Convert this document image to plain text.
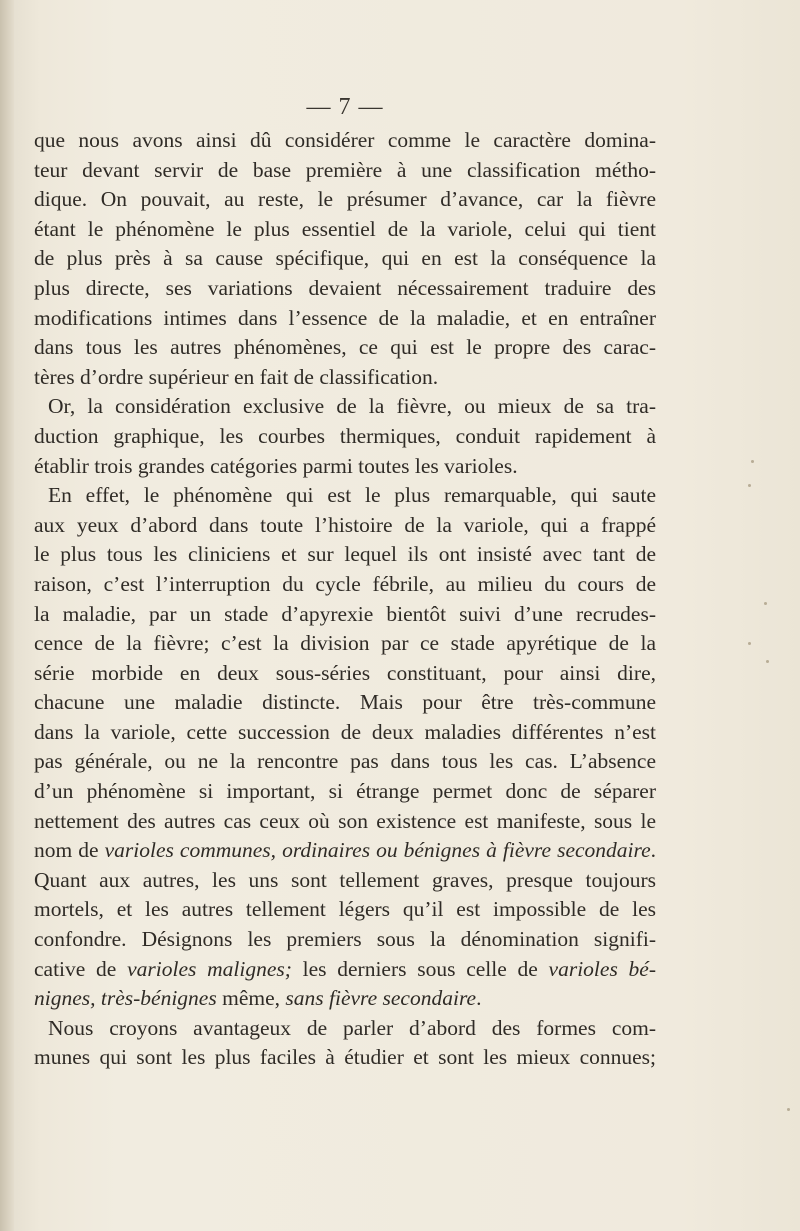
— 7 —
que nous avons ainsi dû considérer comme le caractère domina-
teur devant servir de base première à une classification métho-
dique. On pouvait, au reste, le présumer d’avance, car la fièvre
étant le phénomène le plus essentiel de la variole, celui qui tient
de plus près à sa cause spécifique, qui en est la conséquence la
plus directe, ses variations devaient nécessairement traduire des
modifications intimes dans l’essence de la maladie, et en entraîner
dans tous les autres phénomènes, ce qui est le propre des carac-
tères d’ordre supérieur en fait de classification.
Or, la considération exclusive de la fièvre, ou mieux de sa tra-
duction graphique, les courbes thermiques, conduit rapidement à
établir trois grandes catégories parmi toutes les varioles.
En effet, le phénomène qui est le plus remarquable, qui saute
aux yeux d’abord dans toute l’histoire de la variole, qui a frappé
le plus tous les cliniciens et sur lequel ils ont insisté avec tant de
raison, c’est l’interruption du cycle fébrile, au milieu du cours de
la maladie, par un stade d’apyrexie bientôt suivi d’une recrudes-
cence de la fièvre; c’est la division par ce stade apyrétique de la
série morbide en deux sous-séries constituant, pour ainsi dire,
chacune une maladie distincte. Mais pour être très-commune
dans la variole, cette succession de deux maladies différentes n’est
pas générale, ou ne la rencontre pas dans tous les cas. L’absence
d’un phénomène si important, si étrange permet donc de séparer
nettement des autres cas ceux où son existence est manifeste, sous le
nom de varioles communes, ordinaires ou bénignes à fièvre secondaire.
Quant aux autres, les uns sont tellement graves, presque toujours
mortels, et les autres tellement légers qu’il est impossible de les
confondre. Désignons les premiers sous la dénomination signifi-
cative de varioles malignes; les derniers sous celle de varioles bé-
nignes, très-bénignes même, sans fièvre secondaire.
Nous croyons avantageux de parler d’abord des formes com-
munes qui sont les plus faciles à étudier et sont les mieux connues;
